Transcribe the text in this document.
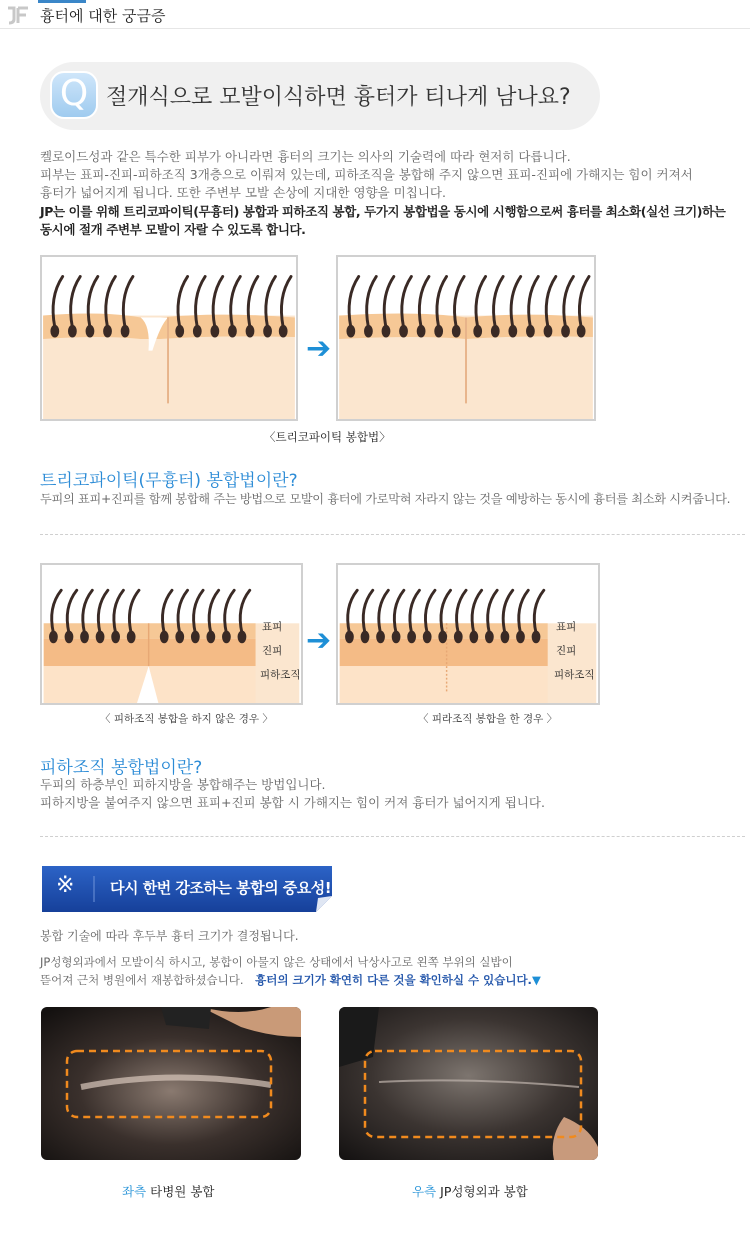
흉터에 대한 궁금증
Q 절개식으로 모발이식하면 흉터가 티나게 남나요?
켈로이드성과 같은 특수한 피부가 아니라면 흉터의 크기는 의사의 기술력에 따라 현저히 다릅니다.
피부는 표피-진피-피하조직 3개층으로 이뤄져 있는데, 피하조직을 봉합해 주지 않으면 표피-진피에 가해지는 힘이 커져서
흉터가 넓어지게 됩니다. 또한 주변부 모발 손상에 지대한 영향을 미칩니다.
JP는 이를 위해 트리코파이틱(무흉터) 봉합과 피하조직 봉합, 두가지 봉합법을 동시에 시행함으로써 흉터를 최소화(실선 크기)하는
동시에 절개 주변부 모발이 자랄 수 있도록 합니다.
➔
〈트리코파이틱 봉합법〉
트리코파이틱(무흉터) 봉합법이란?
두피의 표피+진피를 함께 봉합해 주는 방법으로 모발이 흉터에 가로막혀 자라지 않는 것을 예방하는 동시에 흉터를 최소화 시켜줍니다.
표피
진피
피하조직
➔	표피
진피
피하조직
〈 피하조직 봉합을 하지 않은 경우 〉	〈 피라조직 봉합을 한 경우 〉
피하조직 봉합법이란?
두피의 하층부인 피하지방을 봉합해주는 방법입니다.
피하지방을 붙여주지 않으면 표피+진피 봉합 시 가해지는 힘이 커져 흉터가 넓어지게 됩니다.
※ 다시 한번 강조하는 봉합의 중요성!
봉합 기술에 따라 후두부 흉터 크기가 결정됩니다.
JP성형외과에서 모발이식 하시고, 봉합이 아물지 않은 상태에서 낙상사고로 왼쪽 부위의 실밥이
뜯어져 근처 병원에서 재봉합하셨습니다. 흉터의 크기가 확연히 다른 것을 확인하실 수 있습니다.▼
좌측 타병원 봉합	우측 JP성형외과 봉합
